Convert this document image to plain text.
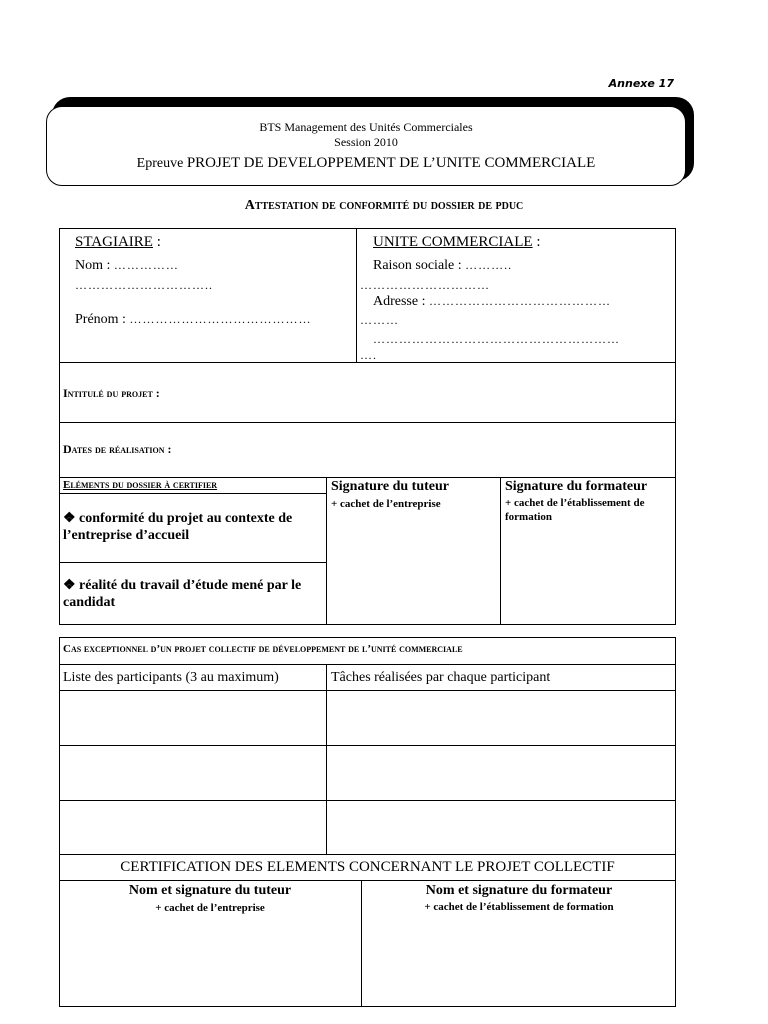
Annexe 17
BTS Management des Unités Commerciales
Session 2010
Epreuve PROJET DE DEVELOPPEMENT DE L’UNITE COMMERCIALE
Attestation de conformité du dossier de pduc
STAGIAIRE :
Nom : ……………
…………………………..
Prénom : ……………………………………
UNITE COMMERCIALE :
Raison sociale : ………..
…………………………
Adresse : ……………………………………
………
…………………………………………………
….
Intitulé du projet :
Dates de réalisation :
Eléments du dossier à certifier
❖ conformité du projet au contexte de l’entreprise d’accueil
❖ réalité du travail d’étude mené par le candidat
Signature du tuteur
+ cachet de l’entreprise
Signature du formateur
+ cachet de l’établissement de formation
Cas exceptionnel d’un projet collectif de développement de l’unité commerciale
Liste des participants (3 au maximum)	Tâches réalisées par chaque participant
CERTIFICATION DES ELEMENTS CONCERNANT LE PROJET COLLECTIF
Nom et signature du tuteur
+ cachet de l’entreprise
Nom et signature du formateur
+ cachet de l’établissement de formation
